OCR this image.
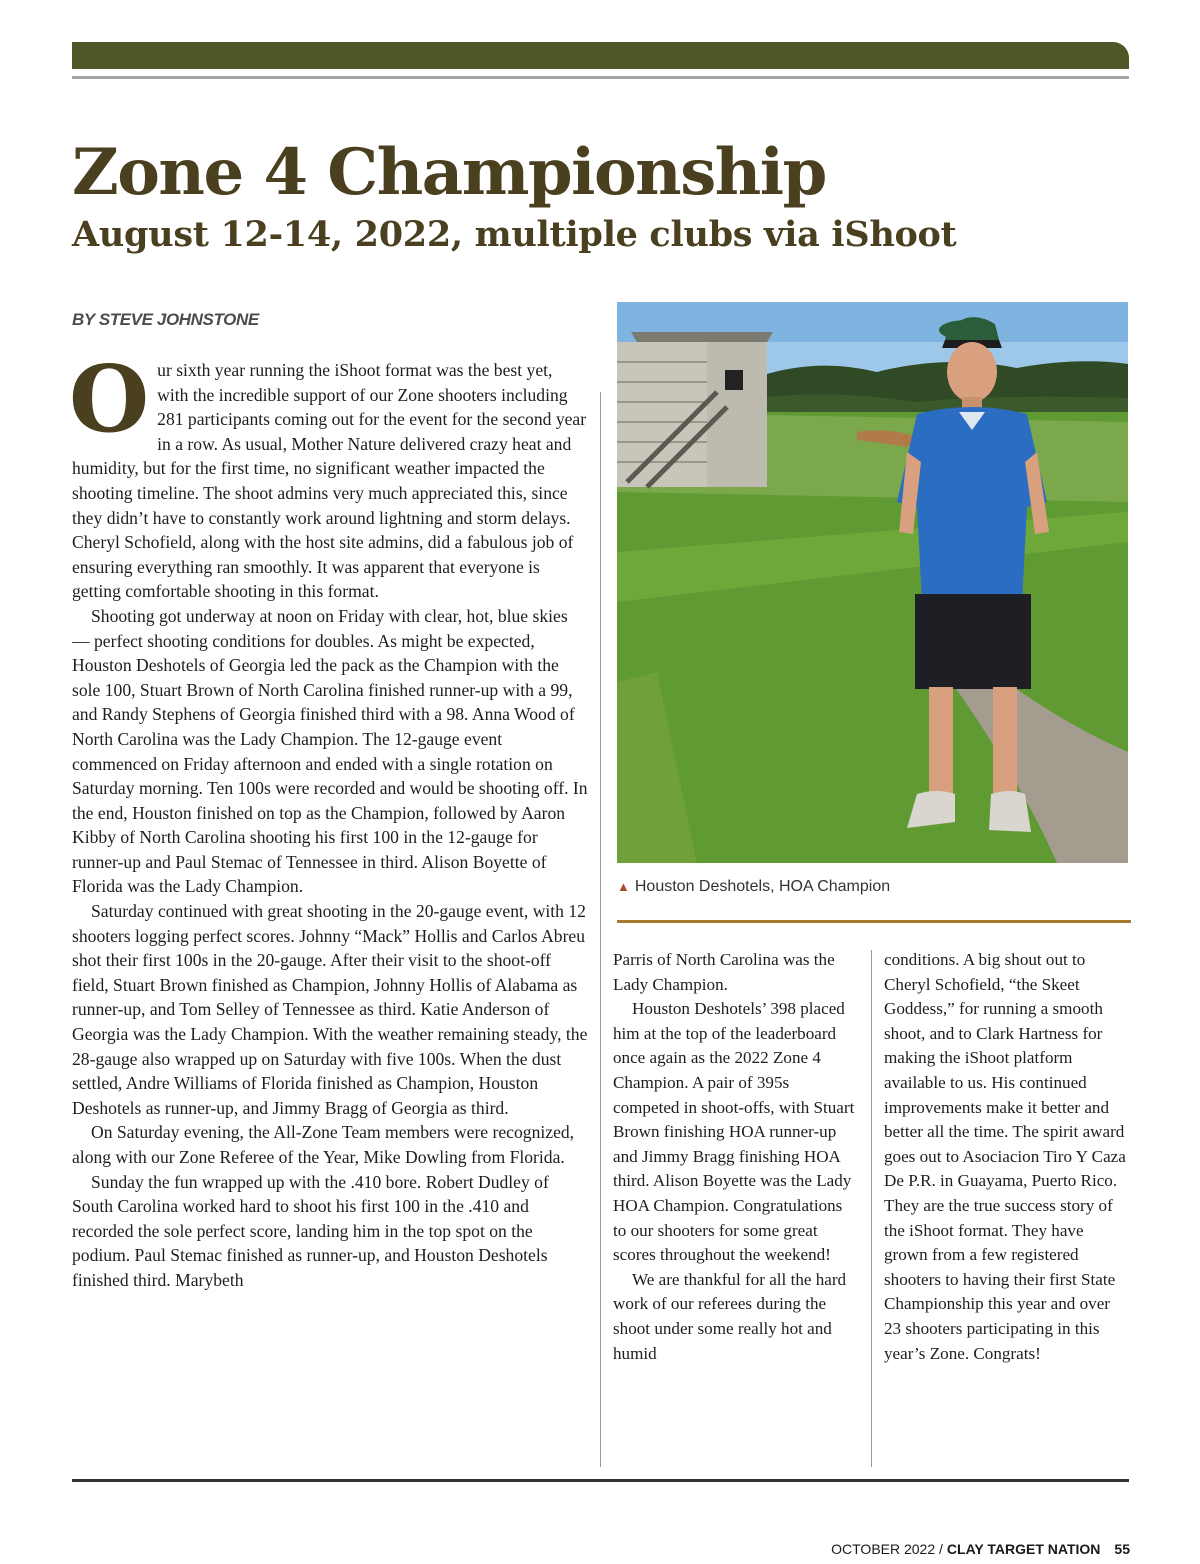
Zone 4 Championship
August 12-14, 2022, multiple clubs via iShoot
BY STEVE JOHNSTONE

Our sixth year running the iShoot format was the best yet, with the incredible support of our Zone shooters including 281 participants coming out for the event for the second year in a row. As usual, Mother Nature delivered crazy heat and humidity, but for the first time, no significant weather impacted the shooting timeline. The shoot admins very much appreciated this, since they didn’t have to constantly work around lightning and storm delays. Cheryl Schofield, along with the host site admins, did a fabulous job of ensuring everything ran smoothly. It was apparent that everyone is getting comfortable shooting in this format.

Shooting got underway at noon on Friday with clear, hot, blue skies — perfect shooting conditions for doubles. As might be expected, Houston Deshotels of Georgia led the pack as the Champion with the sole 100, Stuart Brown of North Carolina finished runner-up with a 99, and Randy Stephens of Georgia finished third with a 98. Anna Wood of North Carolina was the Lady Champion. The 12-gauge event commenced on Friday afternoon and ended with a single rotation on Saturday morning. Ten 100s were recorded and would be shooting off. In the end, Houston finished on top as the Champion, followed by Aaron Kibby of North Carolina shooting his first 100 in the 12-gauge for runner-up and Paul Stemac of Tennessee in third. Alison Boyette of Florida was the Lady Champion.

Saturday continued with great shooting in the 20-gauge event, with 12 shooters logging perfect scores. Johnny “Mack” Hollis and Carlos Abreu shot their first 100s in the 20-gauge. After their visit to the shoot-off field, Stuart Brown finished as Champion, Johnny Hollis of Alabama as runner-up, and Tom Selley of Tennessee as third. Katie Anderson of Georgia was the Lady Champion. With the weather remaining steady, the 28-gauge also wrapped up on Saturday with five 100s. When the dust settled, Andre Williams of Florida finished as Champion, Houston Deshotels as runner-up, and Jimmy Bragg of Georgia as third.

On Saturday evening, the All-Zone Team members were recognized, along with our Zone Referee of the Year, Mike Dowling from Florida.

Sunday the fun wrapped up with the .410 bore. Robert Dudley of South Carolina worked hard to shoot his first 100 in the .410 and recorded the sole perfect score, landing him in the top spot on the podium. Paul Stemac finished as runner-up, and Houston Deshotels finished third. Marybeth

▲ Houston Deshotels, HOA Champion

Parris of North Carolina was the Lady Champion.

Houston Deshotels’ 398 placed him at the top of the leaderboard once again as the 2022 Zone 4 Champion. A pair of 395s competed in shoot-offs, with Stuart Brown finishing HOA runner-up and Jimmy Bragg finishing HOA third. Alison Boyette was the Lady HOA Champion. Congratulations to our shooters for some great scores throughout the weekend!

We are thankful for all the hard work of our referees during the shoot under some really hot and humid

conditions. A big shout out to Cheryl Schofield, “the Skeet Goddess,” for running a smooth shoot, and to Clark Hartness for making the iShoot platform available to us. His continued improvements make it better and better all the time. The spirit award goes out to Asociacion Tiro Y Caza De P.R. in Guayama, Puerto Rico. They are the true success story of the iShoot format. They have grown from a few registered shooters to having their first State Championship this year and over 23 shooters participating in this year’s Zone. Congrats!

OCTOBER 2022 / CLAY TARGET NATION 55
